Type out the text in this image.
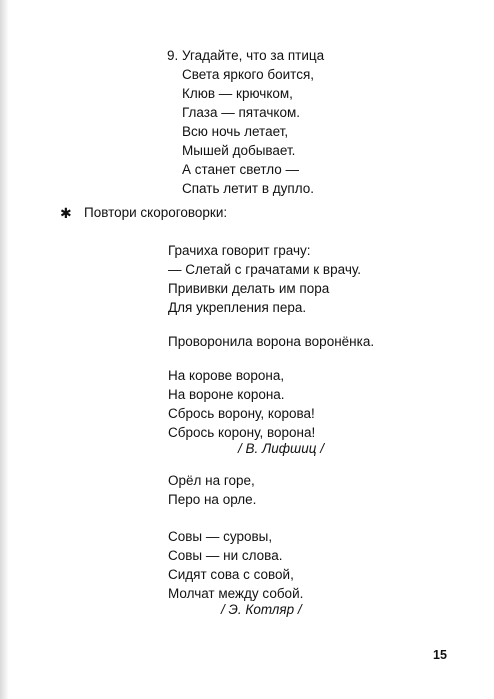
9. Угадайте, что за птица
Света яркого боится,
Клюв — крючком,
Глаза — пятачком.
Всю ночь летает,
Мышей добывает.
А станет светло —
Спать летит в дупло.
✱ Повтори скороговорки:
Грачиха говорит грачу:
— Слетай с грачатами к врачу.
Прививки делать им пора
Для укрепления пера.
Проворонила ворона воронёнка.
На корове ворона,
На вороне корона.
Сбрось ворону, корова!
Сбрось корону, ворона!
/ В. Лифшиц /
Орёл на горе,
Перо на орле.
Совы — суровы,
Совы — ни слова.
Сидят сова с совой,
Молчат между собой.
/ Э. Котляр /
15
